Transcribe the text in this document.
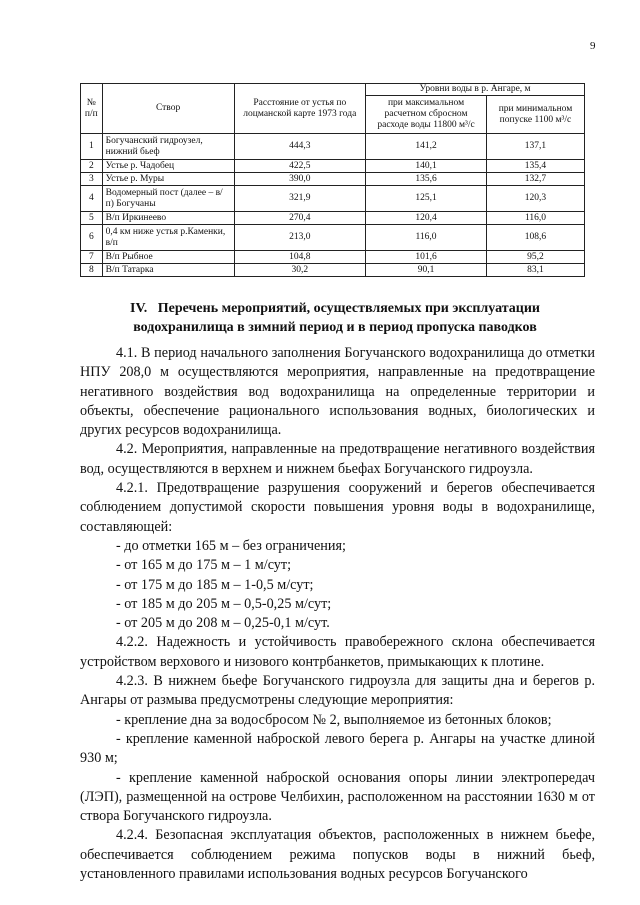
9
№ п/п	Створ	Расстояние от устья по лоцманской карте 1973 года	Уровни воды в р. Ангаре, м	
			при максимальном расчетном сбросном расходе воды 11800 м³/с	при минимальном попуске 1100 м³/с
1	Богучанский гидроузел, нижний бьеф	444,3	141,2	137,1
2	Устье р. Чадобец	422,5	140,1	135,4
3	Устье р. Муры	390,0	135,6	132,7
4	Водомерный пост (далее – в/п) Богучаны	321,9	125,1	120,3
5	В/п Иркинеево	270,4	120,4	116,0
6	0,4 км ниже устья р.Каменки, в/п	213,0	116,0	108,6
7	В/п Рыбное	104,8	101,6	95,2
8	В/п Татарка	30,2	90,1	83,1
IV.   Перечень мероприятий, осуществляемых при эксплуатации
водохранилища в зимний период и в период пропуска паводков

4.1. В период начального заполнения Богучанского водохранилища до отметки НПУ 208,0 м осуществляются мероприятия, направленные на предотвращение негативного воздействия вод водохранилища на определенные территории и объекты, обеспечение рационального использования водных, биологических и других ресурсов водохранилища.

4.2. Мероприятия, направленные на предотвращение негативного воздействия вод, осуществляются в верхнем и нижнем бьефах Богучанского гидроузла.

4.2.1. Предотвращение разрушения сооружений и берегов обеспечивается соблюдением допустимой скорости повышения уровня воды в водохранилище, составляющей:

- до отметки 165 м – без ограничения;

- от 165 м до 175 м – 1 м/сут;

- от 175 м до 185 м – 1-0,5 м/сут;

- от 185 м до 205 м – 0,5-0,25 м/сут;

- от 205 м до 208 м – 0,25-0,1 м/сут.

4.2.2. Надежность и устойчивость правобережного склона обеспечивается устройством верхового и низового контрбанкетов, примыкающих к плотине.

4.2.3. В нижнем бьефе Богучанского гидроузла для защиты дна и берегов р. Ангары от размыва предусмотрены следующие мероприятия:

- крепление дна за водосбросом № 2, выполняемое из бетонных блоков;

- крепление каменной наброской левого берега р. Ангары на участке длиной 930 м;

- крепление каменной наброской основания опоры линии электропередач (ЛЭП), размещенной на острове Челбихин, расположенном на расстоянии 1630 м от створа Богучанского гидроузла.

4.2.4. Безопасная эксплуатация объектов, расположенных в нижнем бьефе, обеспечивается соблюдением режима попусков воды в нижний бьеф, установленного правилами использования водных ресурсов Богучанского
